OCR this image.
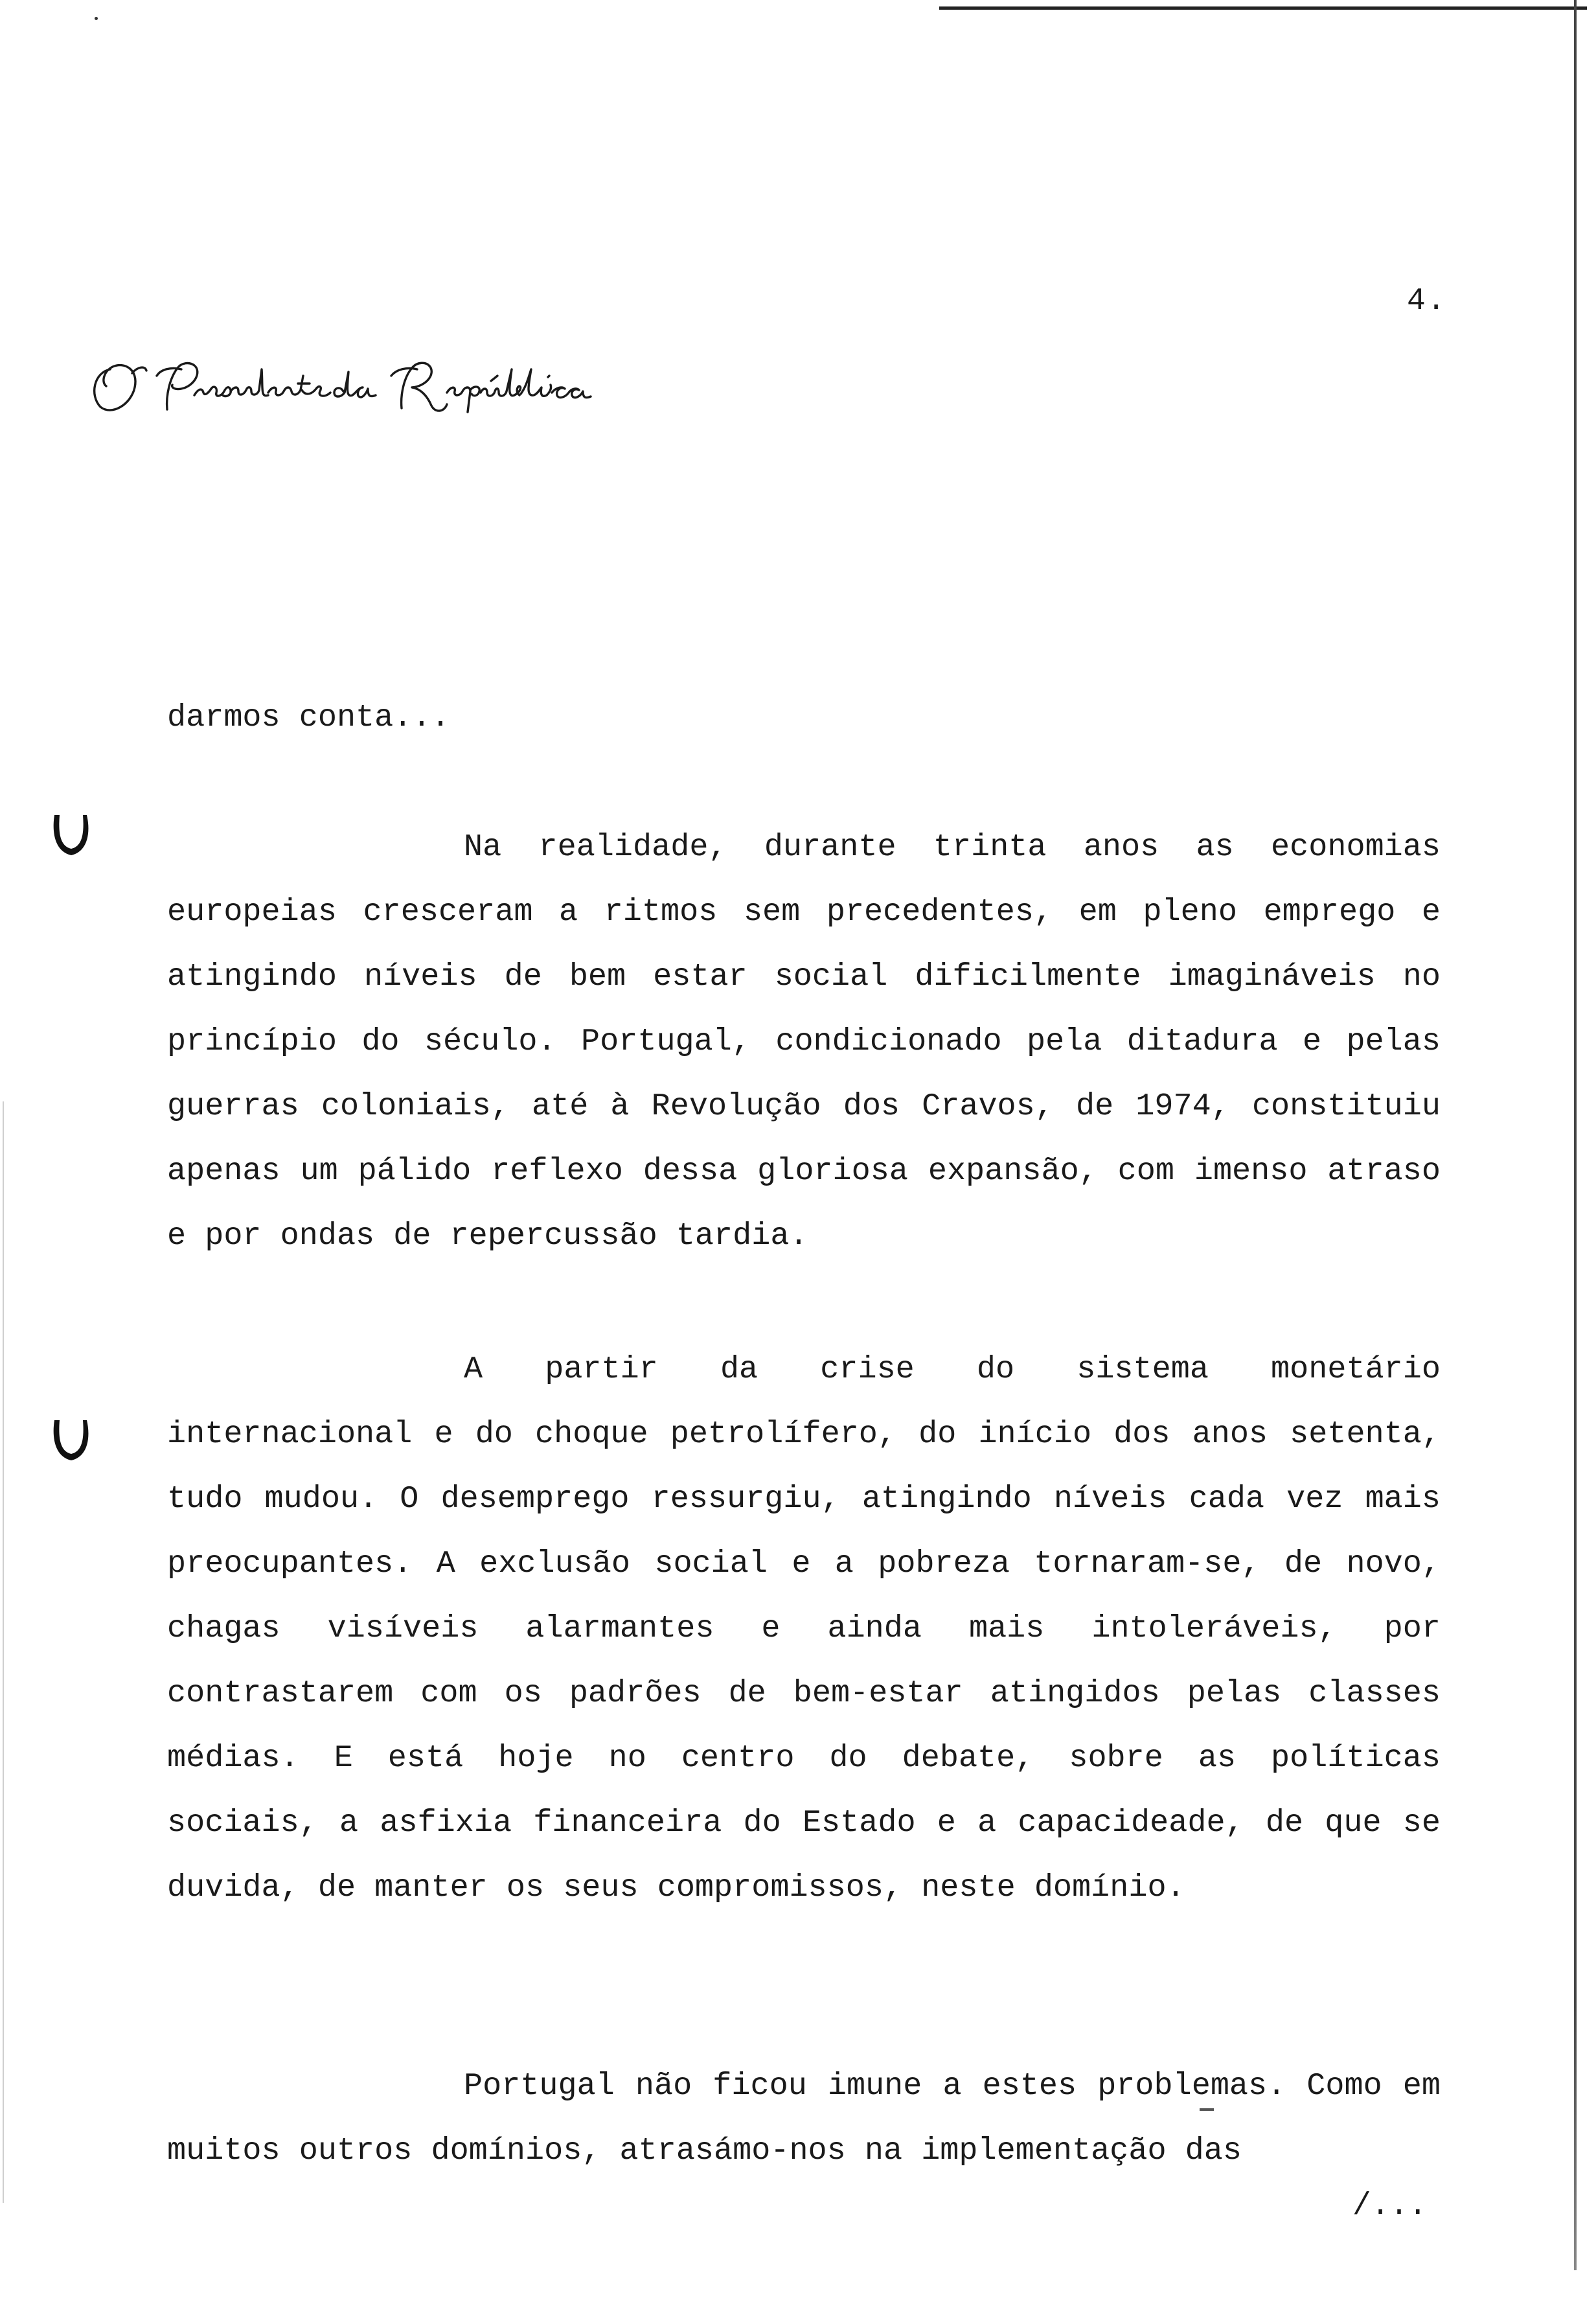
4.

darmos conta...

Na realidade, durante trinta anos as economias europeias cresceram a ritmos sem precedentes, em pleno emprego e atingindo níveis de bem estar social dificilmente imagináveis no princípio do século. Portugal, condicionado pela ditadura e pelas guerras coloniais, até à Revolução dos Cravos, de 1974, constituiu apenas um pálido reflexo dessa gloriosa expansão, com imenso atraso e por ondas de repercussão tardia.

A partir da crise do sistema monetário internacional e do choque petrolífero, do início dos anos setenta, tudo mudou. O desemprego ressurgiu, atingindo níveis cada vez mais preocupantes. A exclusão social e a pobreza tornaram-se, de novo, chagas visíveis alarmantes e ainda mais intoleráveis, por contrastarem com os padrões de bem-estar atingidos pelas classes médias. E está hoje no centro do debate, sobre as políticas sociais, a asfixia financeira do Estado e a capacideade, de que se duvida, de manter os seus compromissos, neste domínio.

Portugal não ficou imune a estes problemas. Como em muitos outros domínios, atrasámo-nos na implementação das

/...
